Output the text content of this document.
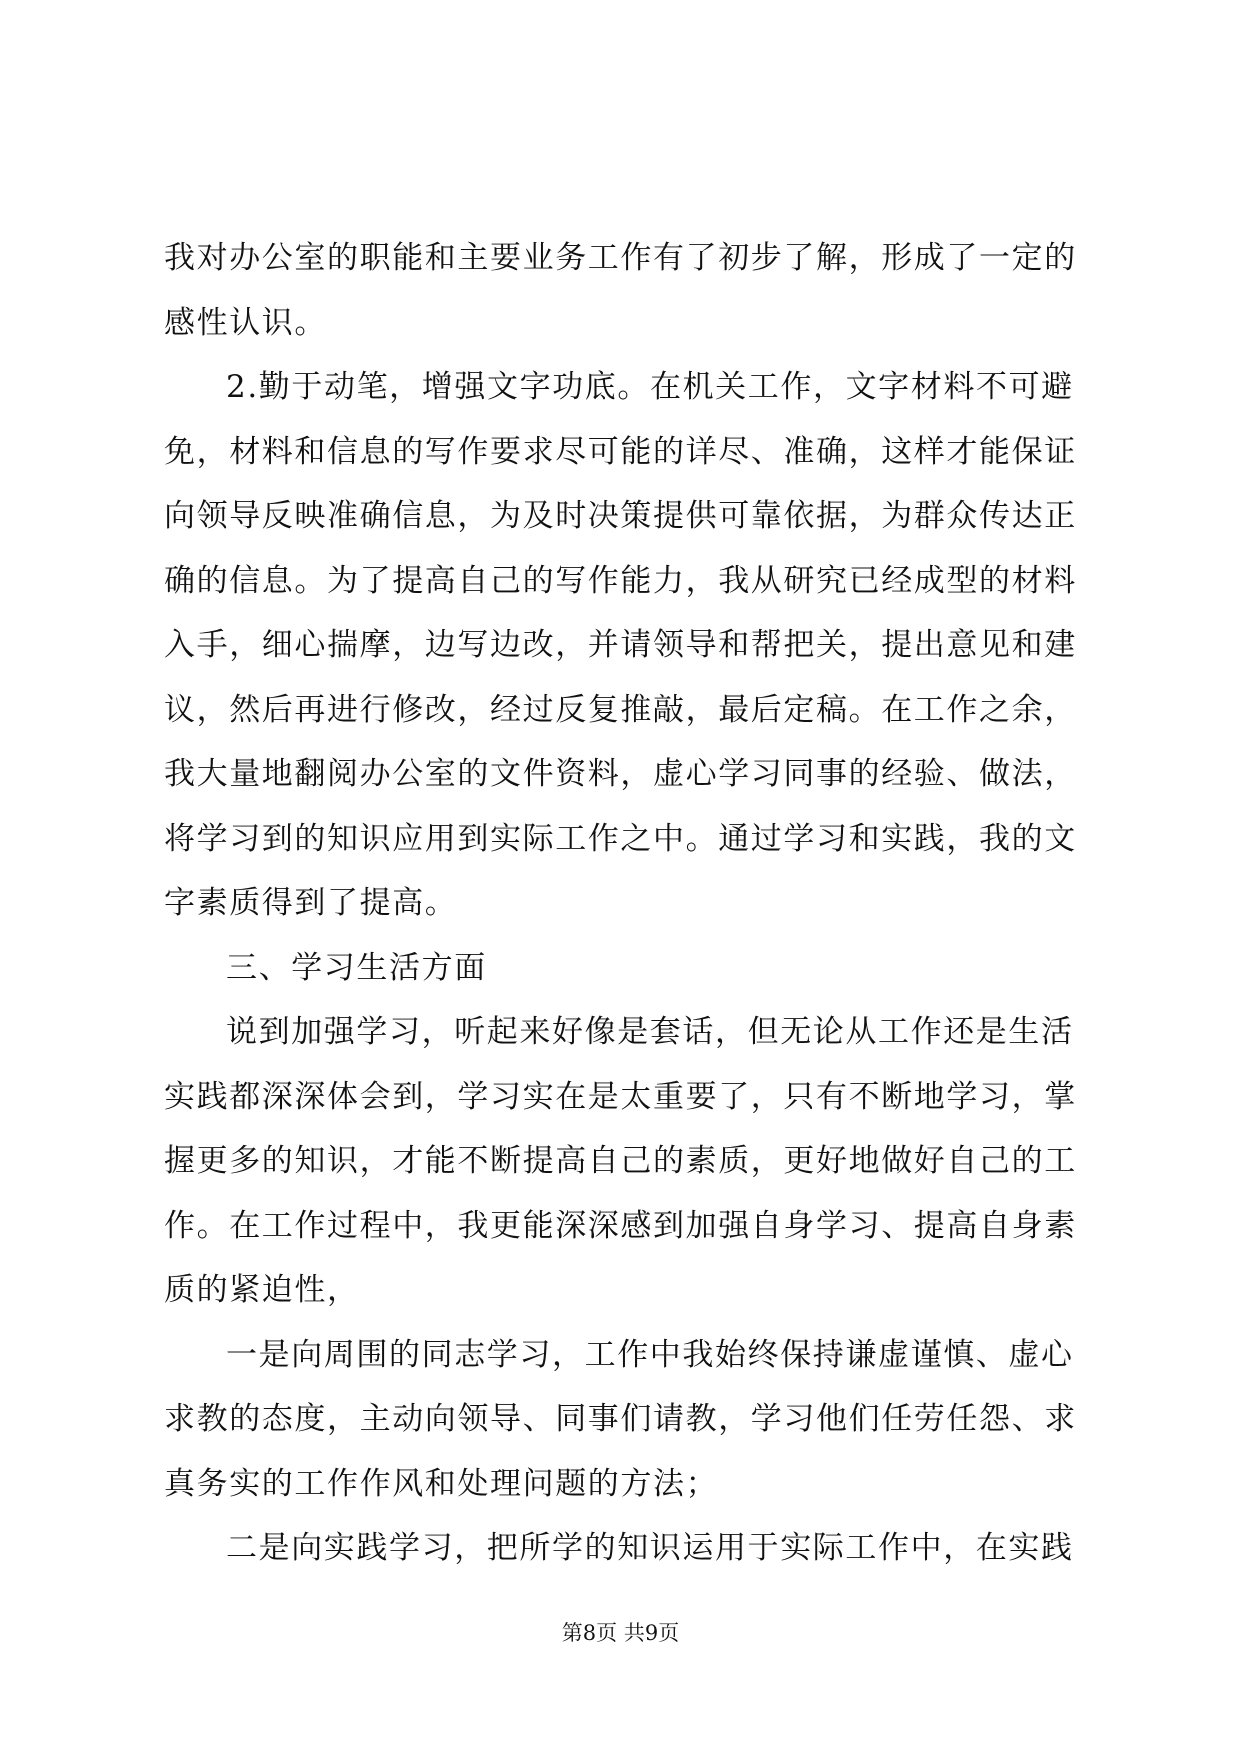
我对办公室的职能和主要业务工作有了初步了解，形成了一定的
感性认识。
2.勤于动笔，增强文字功底。在机关工作，文字材料不可避
免，材料和信息的写作要求尽可能的详尽、准确，这样才能保证
向领导反映准确信息，为及时决策提供可靠依据，为群众传达正
确的信息。为了提高自己的写作能力，我从研究已经成型的材料
入手，细心揣摩，边写边改，并请领导和帮把关，提出意见和建
议，然后再进行修改，经过反复推敲，最后定稿。在工作之余，
我大量地翻阅办公室的文件资料，虚心学习同事的经验、做法，
将学习到的知识应用到实际工作之中。通过学习和实践，我的文
字素质得到了提高。
三、学习生活方面
说到加强学习，听起来好像是套话，但无论从工作还是生活
实践都深深体会到，学习实在是太重要了，只有不断地学习，掌
握更多的知识，才能不断提高自己的素质，更好地做好自己的工
作。在工作过程中，我更能深深感到加强自身学习、提高自身素
质的紧迫性，
一是向周围的同志学习，工作中我始终保持谦虚谨慎、虚心
求教的态度，主动向领导、同事们请教，学习他们任劳任怨、求
真务实的工作作风和处理问题的方法；
二是向实践学习，把所学的知识运用于实际工作中，在实践
第8页 共9页
